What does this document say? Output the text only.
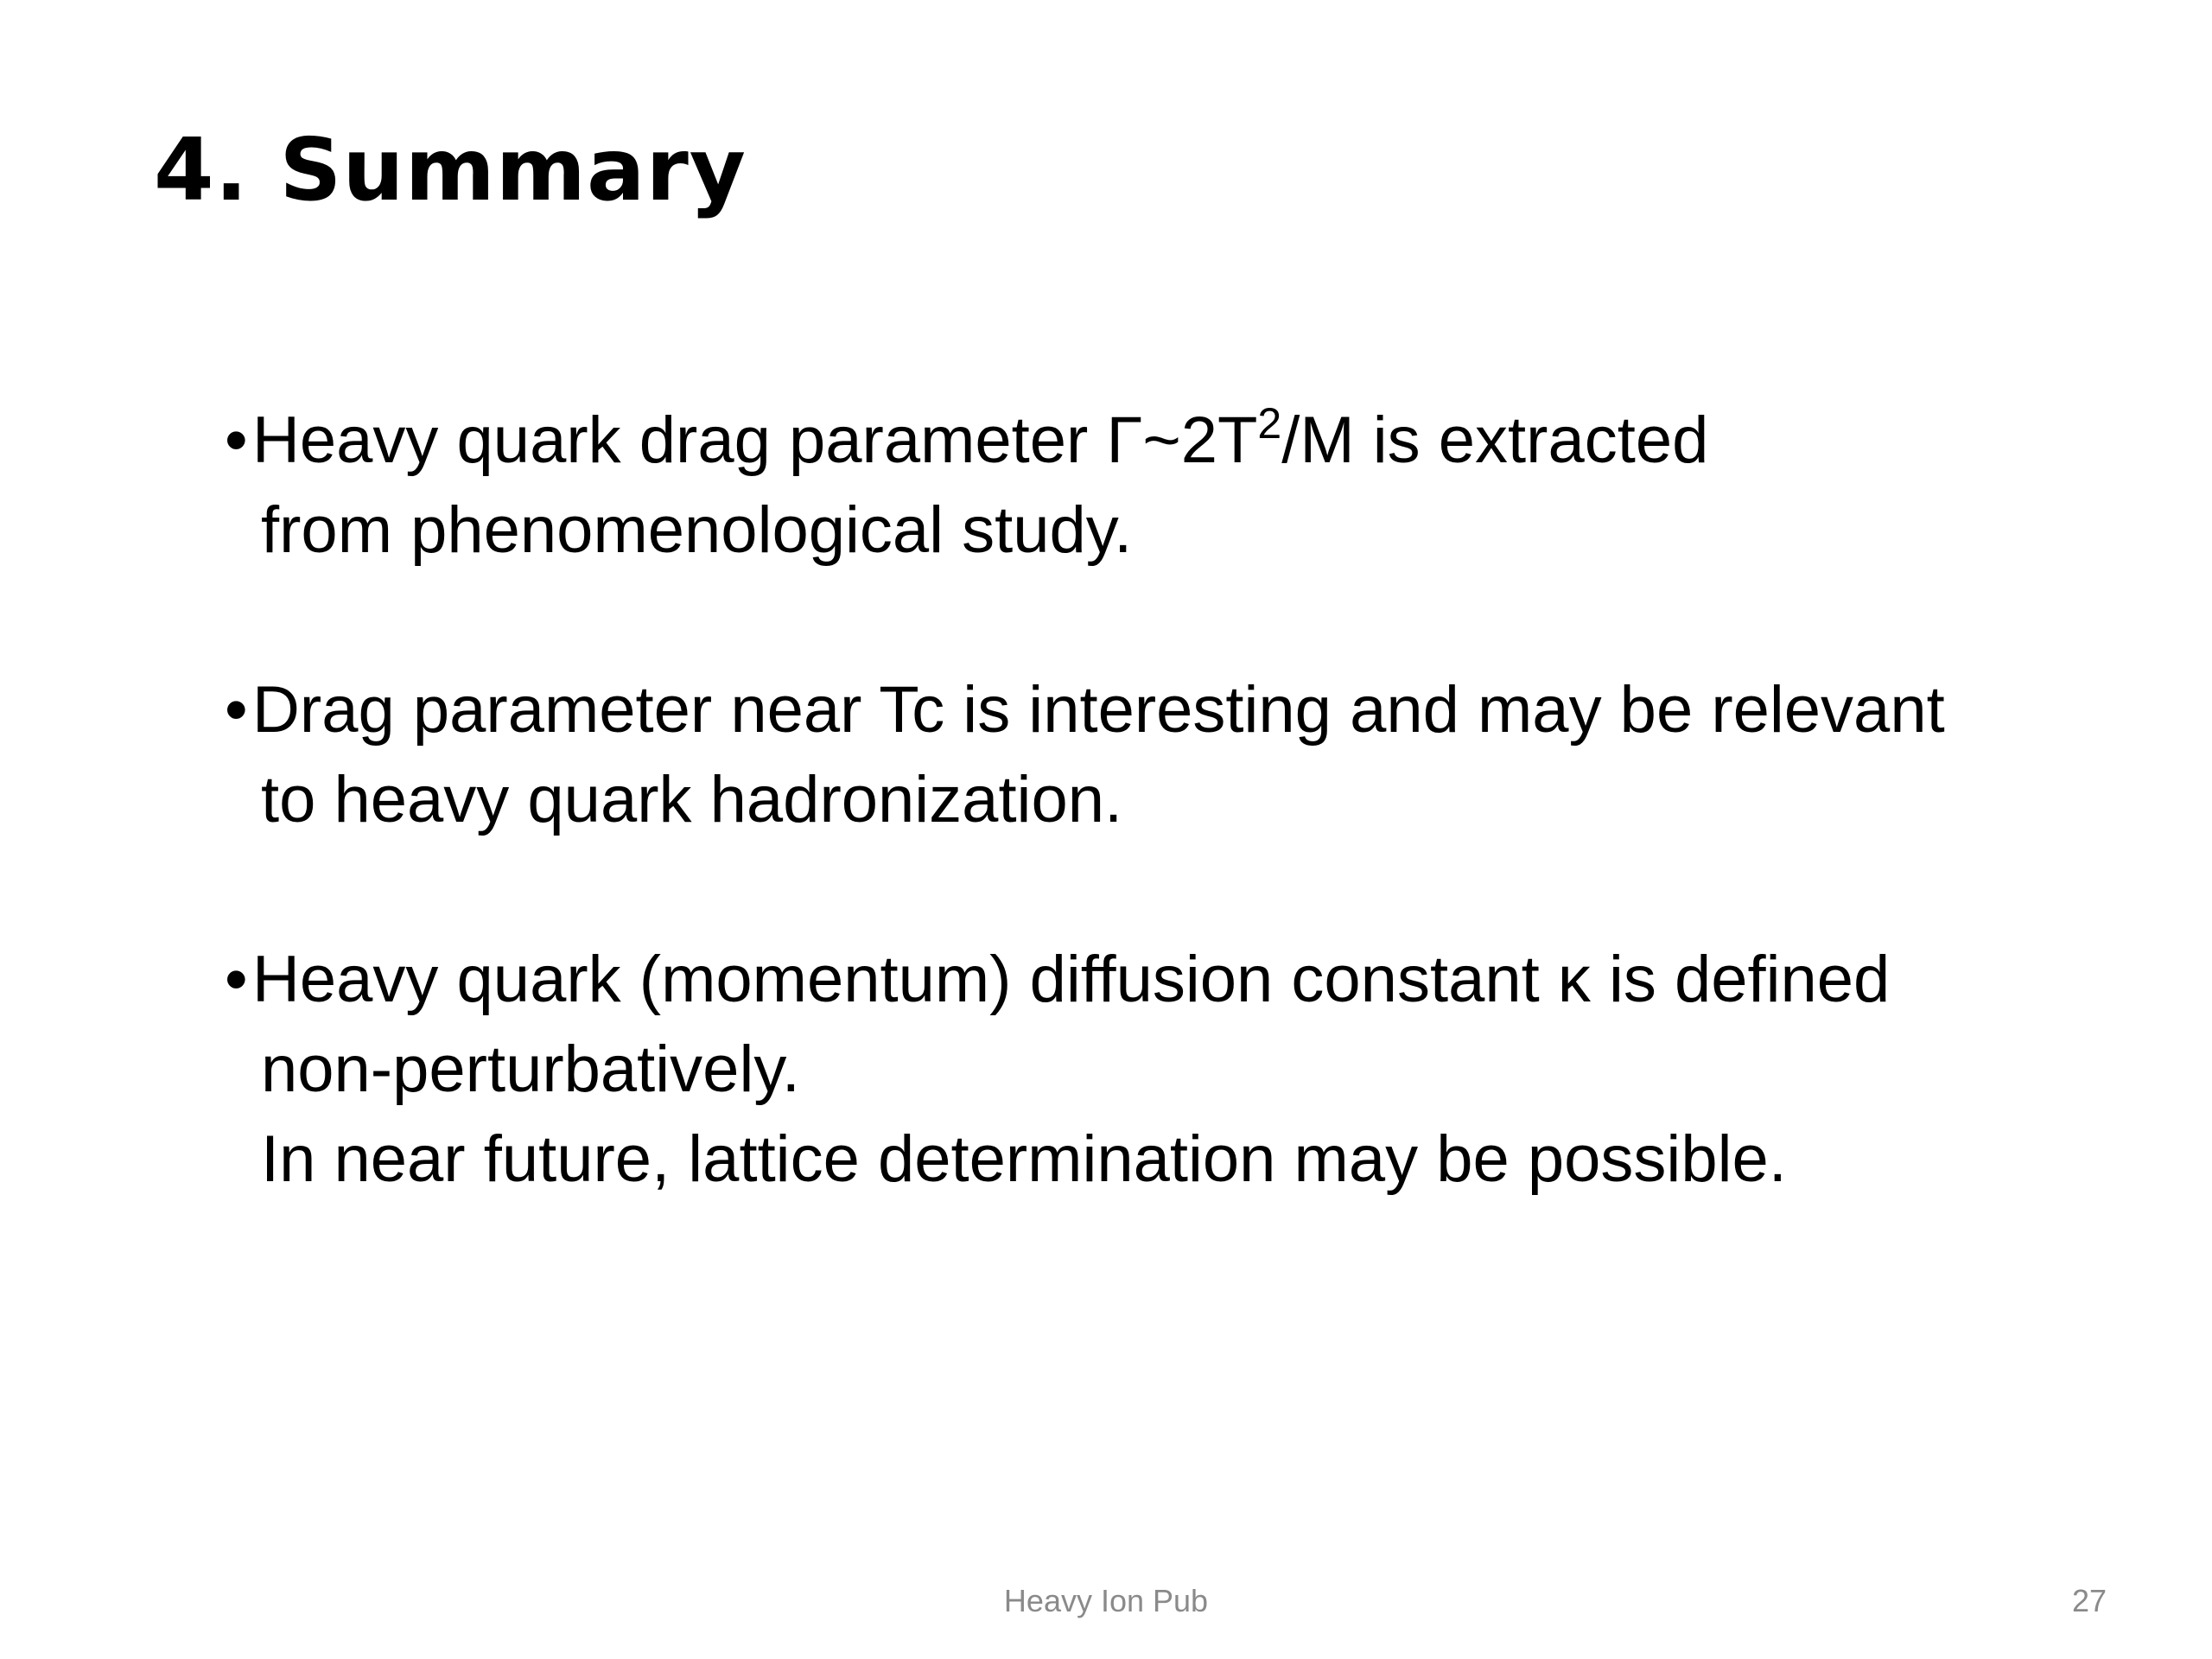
4. Summary
•Heavy quark drag parameter $\Gamma\sim 2T^2/M$ is extracted
from phenomenological study.
•Drag parameter near Tc is interesting and may be relevant
to heavy quark hadronization.
•Heavy quark (momentum) diffusion constant κ is defined
non-perturbatively.
In near future, lattice determination may be possible.
Heavy Ion Pub	27
